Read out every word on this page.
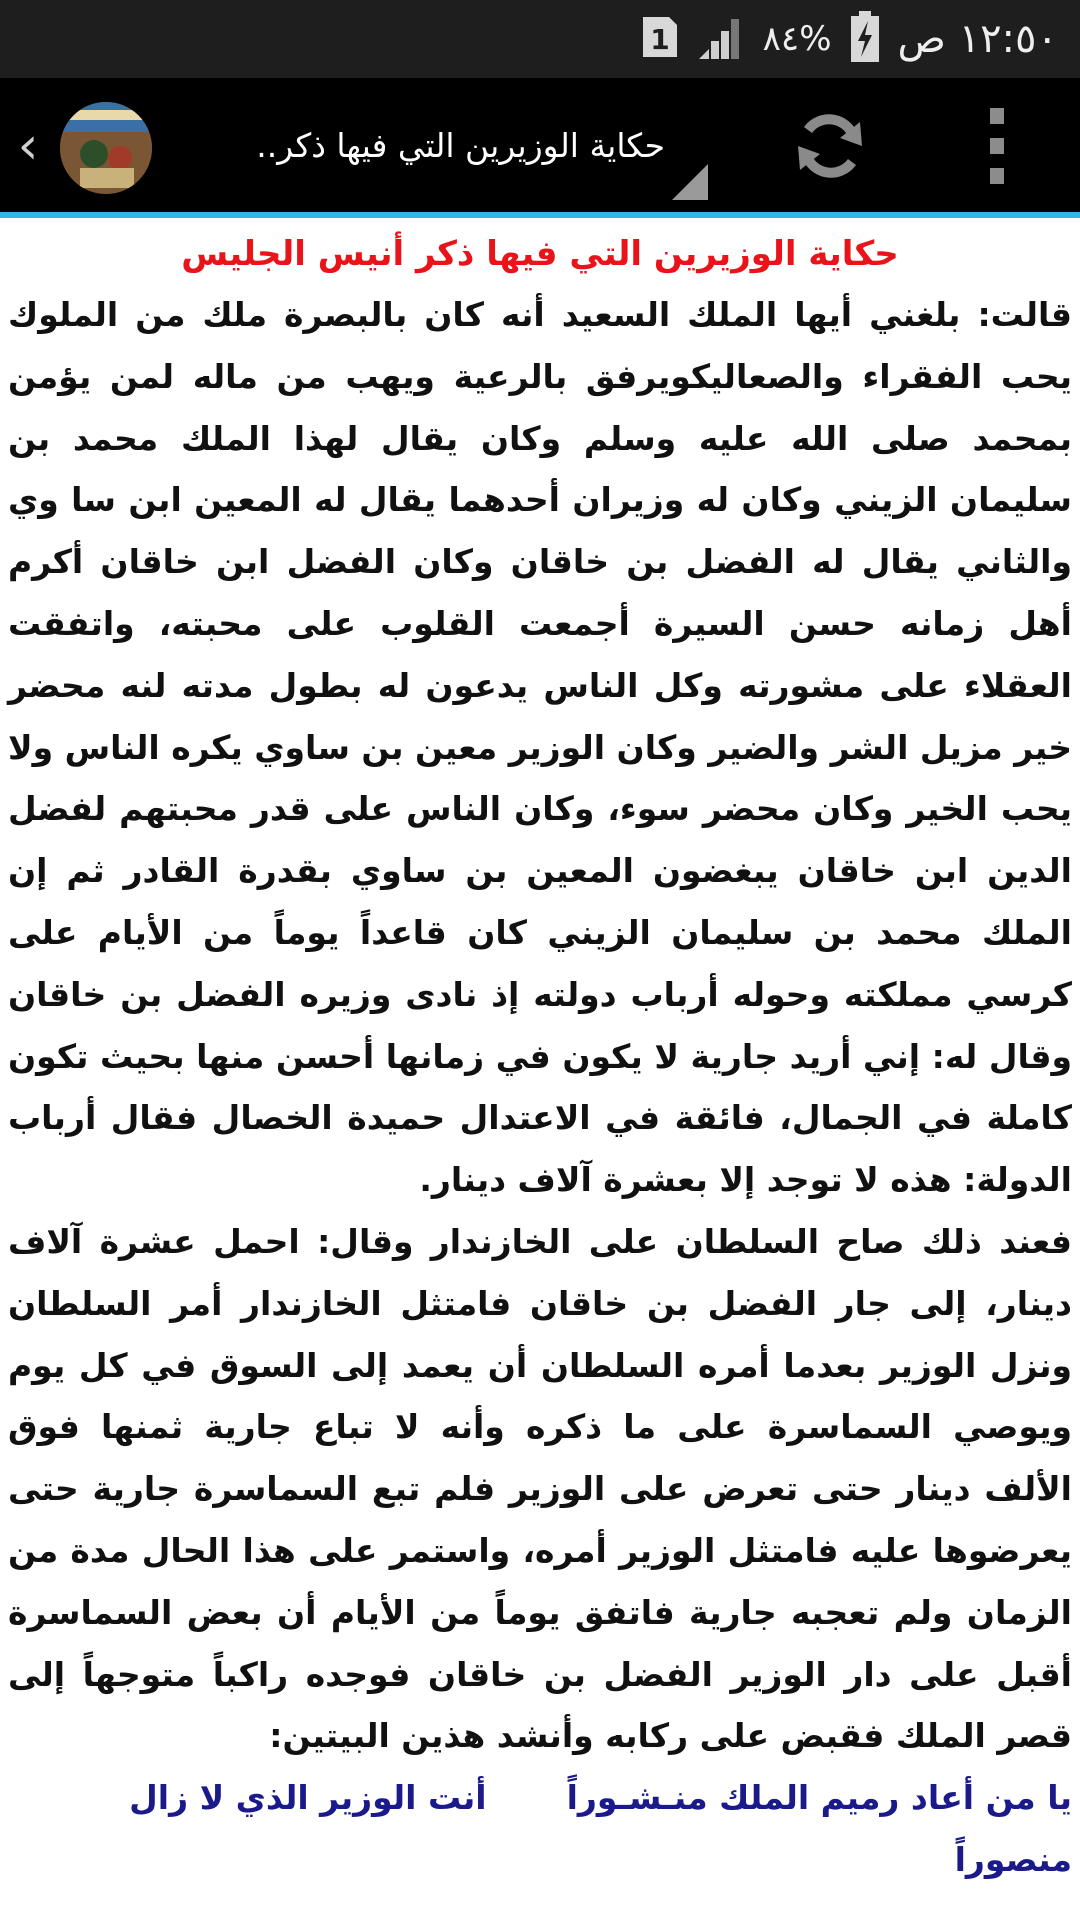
1	٨٤% ١٢:٥٠ ص
‹	حكاية الوزيرين التي فيها ذكر..
حكاية الوزيرين التي فيها ذكر أنيس الجليس

قالت: بلغني أيها الملك السعيد أنه كان بالبصرة ملك من الملوك يحب الفقراء والصعاليكويرفق بالرعية ويهب من ماله لمن يؤمن بمحمد صلى الله عليه وسلم وكان يقال لهذا الملك محمد بن سليمان الزيني وكان له وزيران أحدهما يقال له المعين ابن سا وي والثاني يقال له الفضل بن خاقان وكان الفضل ابن خاقان أكرم أهل زمانه حسن السيرة أجمعت القلوب على محبته، واتفقت العقلاء على مشورته وكل الناس يدعون له بطول مدته لنه محضر خير مزيل الشر والضير وكان الوزير معين بن ساوي يكره الناس ولا يحب الخير وكان محضر سوء، وكان الناس على قدر محبتهم لفضل الدين ابن خاقان يبغضون المعين بن ساوي بقدرة القادر ثم إن الملك محمد بن سليمان الزيني كان قاعداً يوماً من الأيام على كرسي مملكته وحوله أرباب دولته إذ نادى وزيره الفضل بن خاقان وقال له: إني أريد جارية لا يكون في زمانها أحسن منها بحيث تكون كاملة في الجمال، فائقة في الاعتدال حميدة الخصال فقال أرباب الدولة: هذه لا توجد إلا بعشرة آلاف دينار.

فعند ذلك صاح السلطان على الخازندار وقال: احمل عشرة آلاف دينار، إلى جار الفضل بن خاقان فامتثل الخازندار أمر السلطان ونزل الوزير بعدما أمره السلطان أن يعمد إلى السوق في كل يوم ويوصي السماسرة على ما ذكره وأنه لا تباع جارية ثمنها فوق الألف دينار حتى تعرض على الوزير فلم تبع السماسرة جارية حتى يعرضوها عليه فامتثل الوزير أمره، واستمر على هذا الحال مدة من الزمان ولم تعجبه جارية فاتفق يوماً من الأيام أن بعض السماسرة أقبل على دار الوزير الفضل بن خاقان فوجده راكباً متوجهاً إلى قصر الملك فقبض على ركابه وأنشد هذين البيتين:

يا من أعاد رميم الملك منـشـوراً
أنت الوزير الذي لا زال
منصوراً
